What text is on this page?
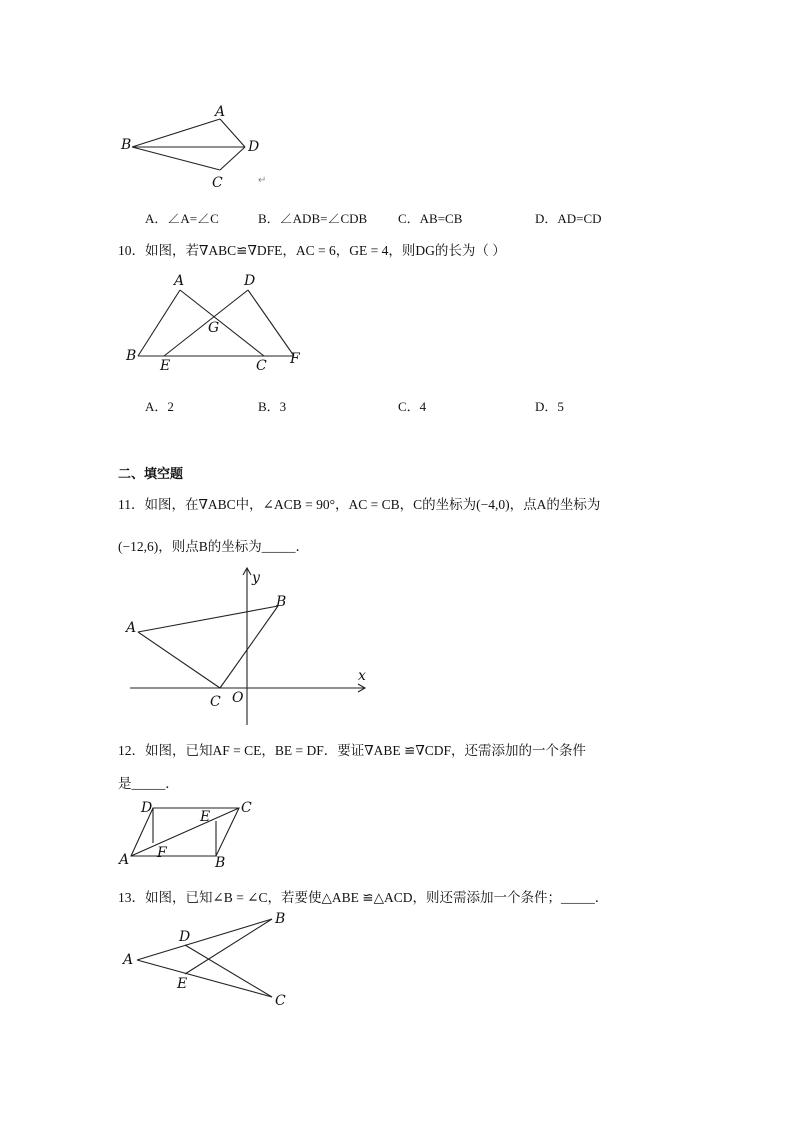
A
B
C
D
↵
A．∠A=∠C	B．∠ADB=∠CDB C．AB=CB	D．AD=CD
10．如图，若∇ABC≌∇DFE，AC = 6，GE = 4，则DG的长为（ ）
A
B
C
D
E	F
G
A．2	B．3	C．4	D．5
二、填空题
11．如图，在∇ABC中，∠ACB = 90°，AC = CB，C的坐标为(−4,0)，点A的坐标为
(−12,6)，则点B的坐标为_____．
A
B
C O
x
y
12．如图，已知AF = CE，BE = DF．要证∇ABE ≌∇CDF，还需添加的一个条件
是_____．
A	B
C
D
E
F
13．如图，已知∠B = ∠C，若要使△ABE ≌△ACD，则还需添加一个条件；_____．
A
B
C
D
E
